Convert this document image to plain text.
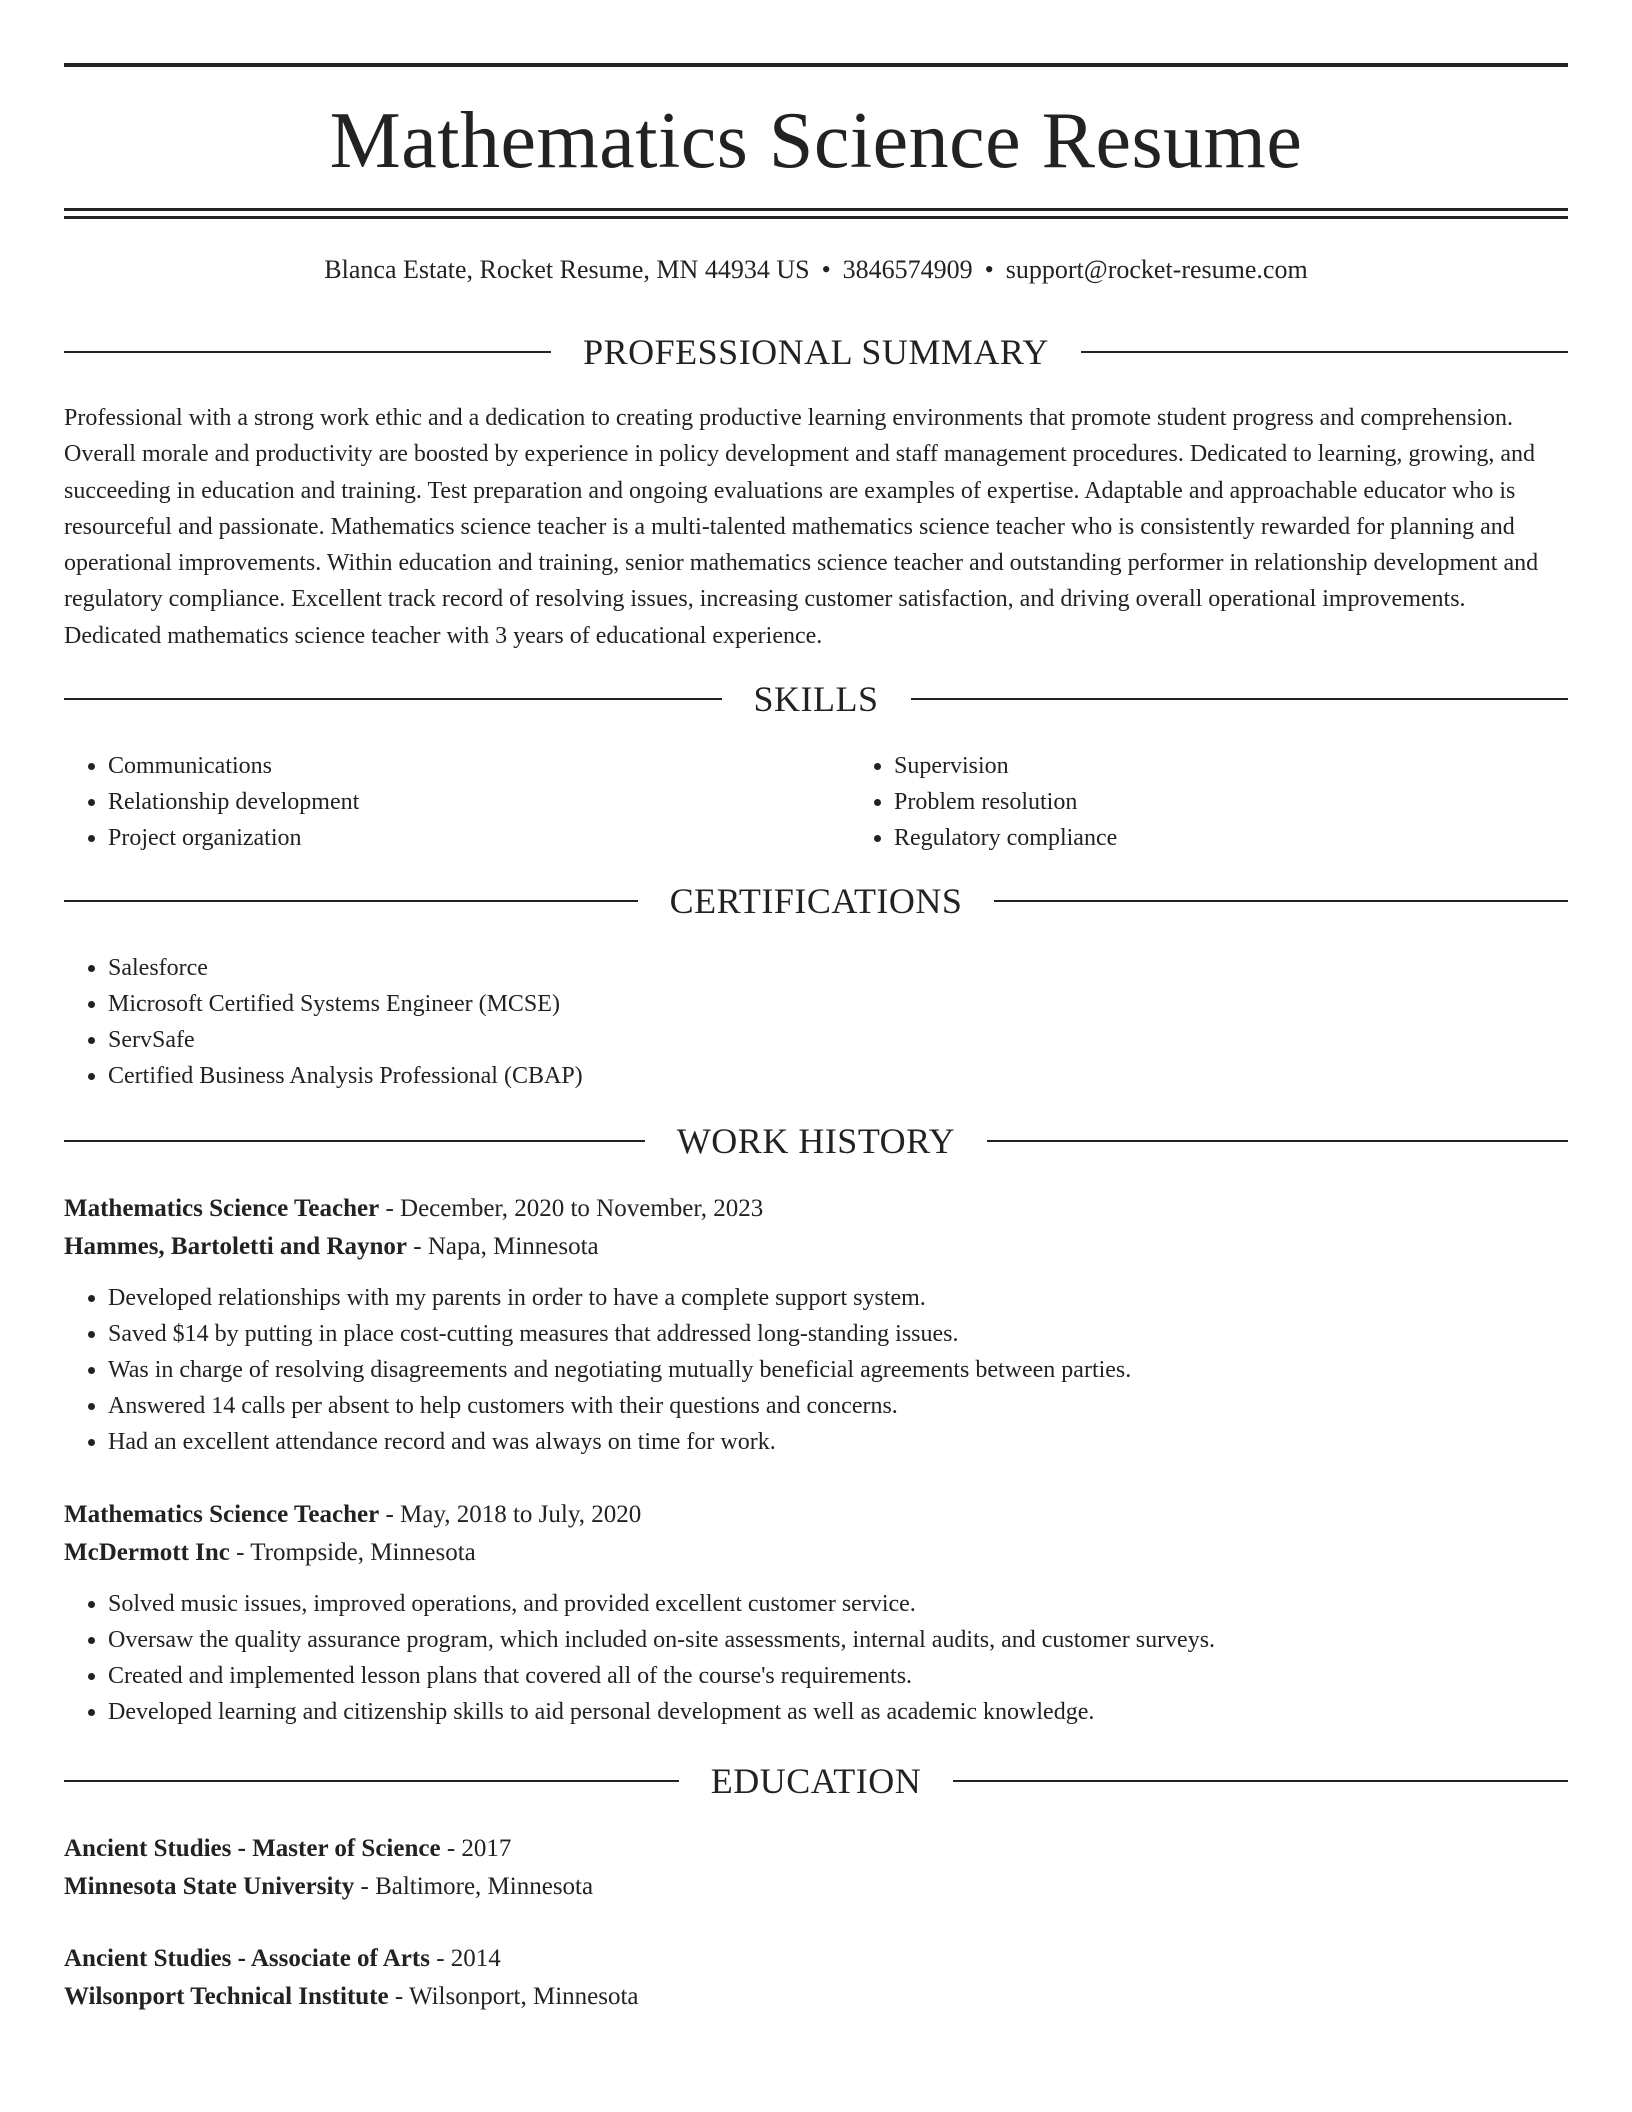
Mathematics Science Resume
Blanca Estate, Rocket Resume, MN 44934 US • 3846574909 • support@rocket-resume.com
PROFESSIONAL SUMMARY

Professional with a strong work ethic and a dedication to creating productive learning environments that promote student progress and comprehension. Overall morale and productivity are boosted by experience in policy development and staff management procedures. Dedicated to learning, growing, and succeeding in education and training. Test preparation and ongoing evaluations are examples of expertise. Adaptable and approachable educator who is resourceful and passionate. Mathematics science teacher is a multi-talented mathematics science teacher who is consistently rewarded for planning and operational improvements. Within education and training, senior mathematics science teacher and outstanding performer in relationship development and regulatory compliance. Excellent track record of resolving issues, increasing customer satisfaction, and driving overall operational improvements. Dedicated mathematics science teacher with 3 years of educational experience.

SKILLS
• Communications
• Relationship development
• Project organization
• Supervision
• Problem resolution
• Regulatory compliance
CERTIFICATIONS
• Salesforce
• Microsoft Certified Systems Engineer (MCSE)
• ServSafe
• Certified Business Analysis Professional (CBAP)
WORK HISTORY

Mathematics Science Teacher - December, 2020 to November, 2023

Hammes, Bartoletti and Raynor - Napa, Minnesota

• Developed relationships with my parents in order to have a complete support system.
• Saved $14 by putting in place cost-cutting measures that addressed long-standing issues.
• Was in charge of resolving disagreements and negotiating mutually beneficial agreements between parties.
• Answered 14 calls per absent to help customers with their questions and concerns.
• Had an excellent attendance record and was always on time for work.

Mathematics Science Teacher - May, 2018 to July, 2020

McDermott Inc - Trompside, Minnesota

• Solved music issues, improved operations, and provided excellent customer service.
• Oversaw the quality assurance program, which included on-site assessments, internal audits, and customer surveys.
• Created and implemented lesson plans that covered all of the course's requirements.
• Developed learning and citizenship skills to aid personal development as well as academic knowledge.
EDUCATION

Ancient Studies - Master of Science - 2017

Minnesota State University - Baltimore, Minnesota

Ancient Studies - Associate of Arts - 2014

Wilsonport Technical Institute - Wilsonport, Minnesota
